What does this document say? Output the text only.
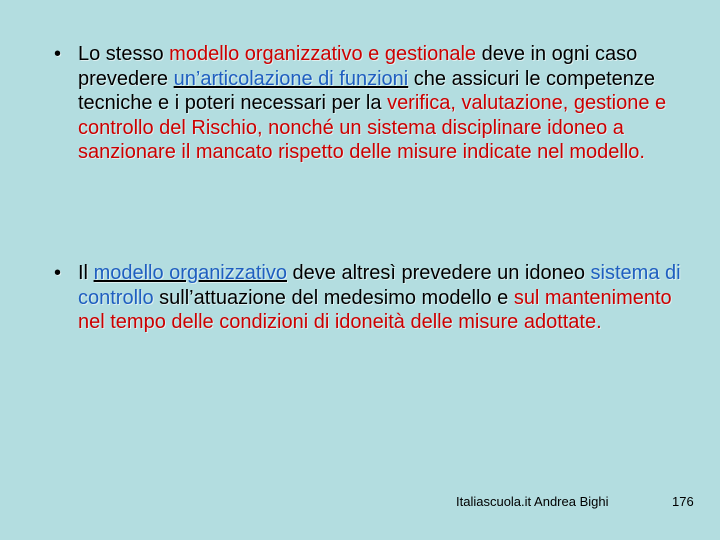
• Lo stesso modello organizzativo e gestionale deve in ogni caso prevedere un’articolazione di funzioni che assicuri le competenze tecniche e i poteri necessari per la verifica, valutazione, gestione e controllo del Rischio, nonché un sistema disciplinare idoneo a sanzionare il mancato rispetto delle misure indicate nel modello.
• Il modello organizzativo deve altresì prevedere un idoneo sistema di controllo sull’attuazione del medesimo modello e sul mantenimento nel tempo delle condizioni di idoneità delle misure adottate.
Italiascuola.it Andrea Bighi	176
